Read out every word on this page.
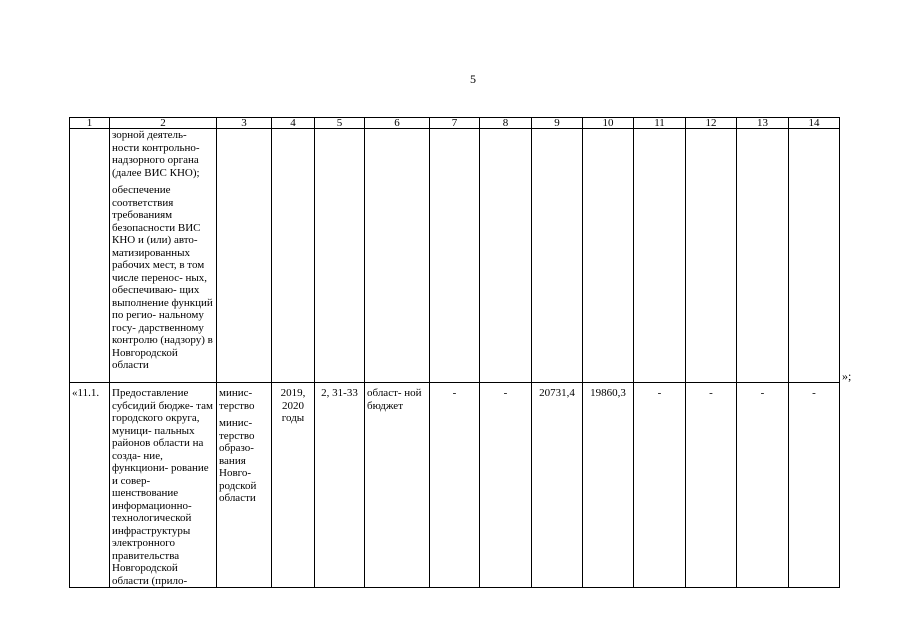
5
1	2	3	4	5	6	7	8	9	10	11	12	13	14

	зорной деятель- ности контрольно- надзорного органа (далее ВИС КНО);
обеспечение соответствия требованиям безопасности ВИС КНО и (или) авто- матизированных рабочих мест, в том числе перенос- ных, обеспечиваю- щих выполнение функций по регио- нальному госу- дарственному контролю (надзору) в Новгородской области												

«11.1.	Предоставление субсидий бюдже- там городского округа, муници- пальных районов области на созда- ние, функциони- рование и совер- шенствование информационно- технологической инфраструктуры электронного правительства Новгородской области (прило-	минис- терство
минис- терство образо- вания Новго- родской области	2019, 2020 годы	2, 31-33	област- ной бюджет	-	-	20731,4	19860,3	-	-	-	-
»;
